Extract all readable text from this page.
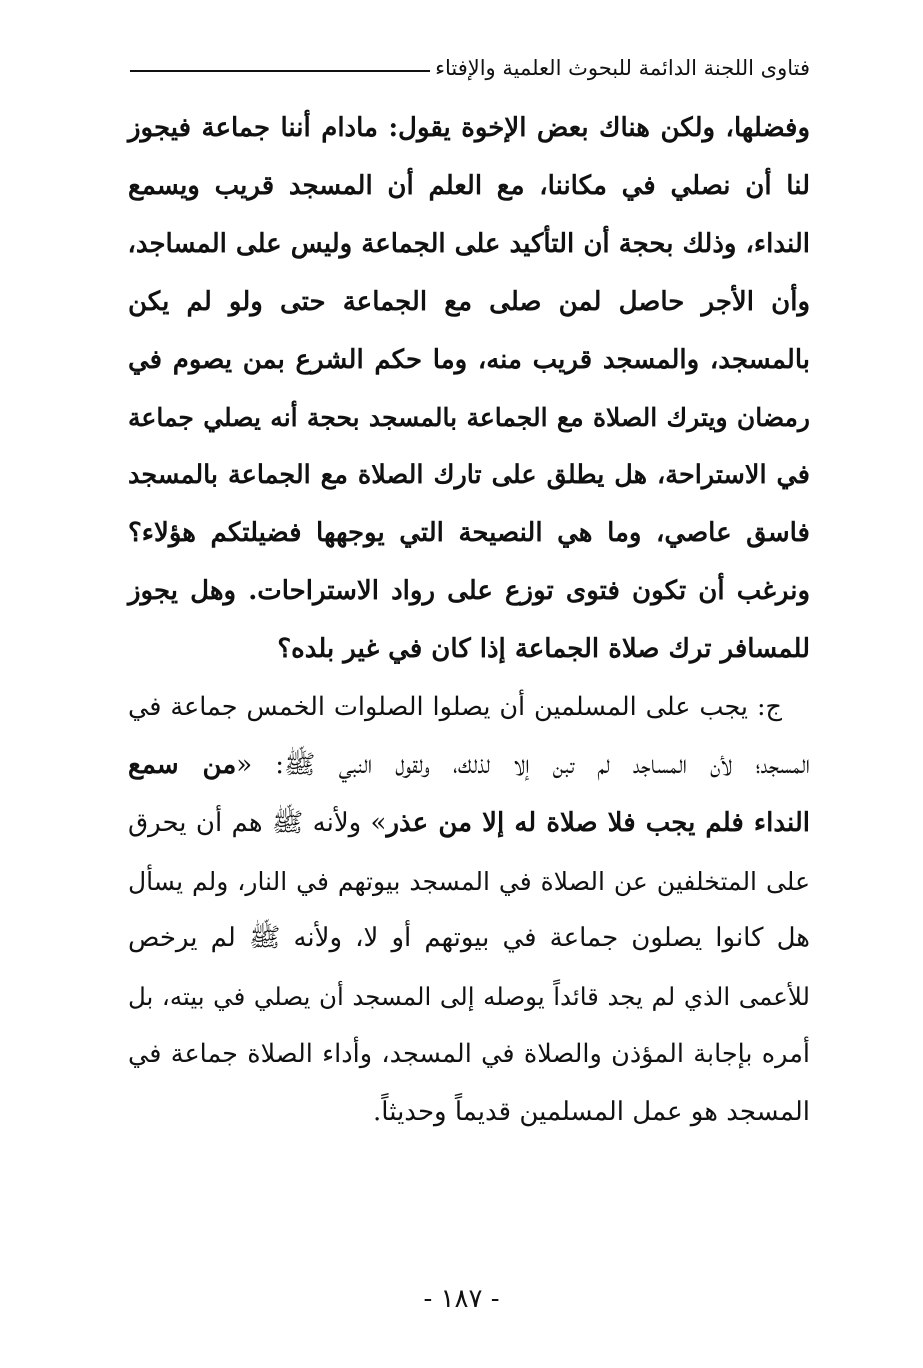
فتاوى اللجنة الدائمة للبحوث العلمية والإفتاء
وفضلها، ولكن هناك بعض الإخوة يقول: مادام أننا جماعة فيجوز
لنا أن نصلي في مكاننا، مع العلم أن المسجد قريب ويسمع
النداء، وذلك بحجة أن التأكيد على الجماعة وليس على المساجد،
وأن الأجر حاصل لمن صلى مع الجماعة حتى ولو لم يكن
بالمسجد، والمسجد قريب منه، وما حكم الشرع بمن يصوم في
رمضان ويترك الصلاة مع الجماعة بالمسجد بحجة أنه يصلي جماعة
في الاستراحة، هل يطلق على تارك الصلاة مع الجماعة بالمسجد
فاسق عاصي، وما هي النصيحة التي يوجهها فضيلتكم هؤلاء؟
ونرغب أن تكون فتوى توزع على رواد الاستراحات. وهل يجوز
للمسافر ترك صلاة الجماعة إذا كان في غير بلده؟
ج: يجب على المسلمين أن يصلوا الصلوات الخمس جماعة في
المسجد؛ لأن المساجد لم تبن إلا لذلك، ولقول النبي ﷺ: «من سمع
النداء فلم يجب فلا صلاة له إلا من عذر» ولأنه ﷺ هم أن يحرق
على المتخلفين عن الصلاة في المسجد بيوتهم في النار، ولم يسأل
هل كانوا يصلون جماعة في بيوتهم أو لا، ولأنه ﷺ لم يرخص
للأعمى الذي لم يجد قائداً يوصله إلى المسجد أن يصلي في بيته، بل
أمره بإجابة المؤذن والصلاة في المسجد، وأداء الصلاة جماعة في
المسجد هو عمل المسلمين قديماً وحديثاً.
- ١٨٧ -
